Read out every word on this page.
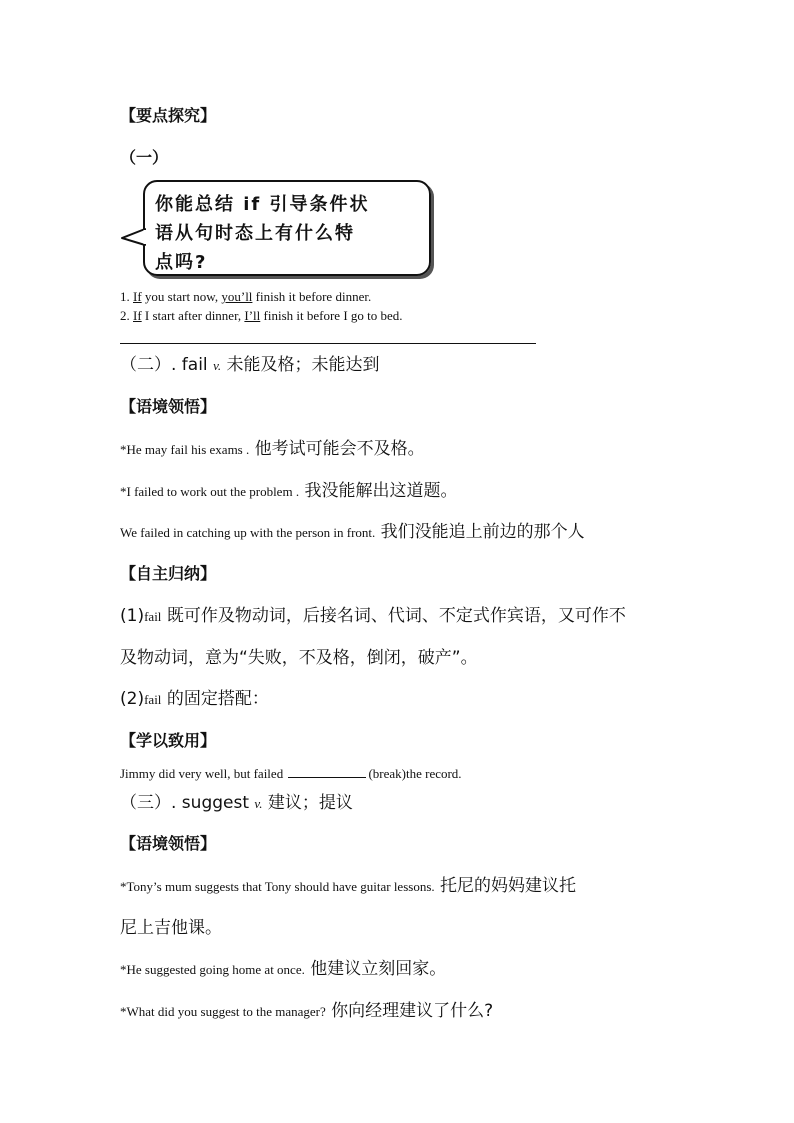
【要点探究】
（一）
你能总结 if 引导条件状
语从句时态上有什么特
点吗?
1. If you start now, you’ll finish it before dinner.
2. If I start after dinner, I’ll finish it before I go to bed.
（二）. fail v. 未能及格；未能达到
【语境领悟】
*He may fail his exams . 他考试可能会不及格。
*I failed to work out the problem . 我没能解出这道题。
We failed in catching up with the person in front. 我们没能追上前边的那个人
【自主归纳】
(1)fail 既可作及物动词，后接名词、代词、不定式作宾语，又可作不
及物动词，意为“失败，不及格，倒闭，破产”。
(2)fail 的固定搭配：
【学以致用】
Jimmy did very well, but failed	(break)the record.
（三）. suggest v. 建议；提议
【语境领悟】
*Tony’s mum suggests that Tony should have guitar lessons. 托尼的妈妈建议托
尼上吉他课。
*He suggested going home at once. 他建议立刻回家。
*What did you suggest to the manager? 你向经理建议了什么?
